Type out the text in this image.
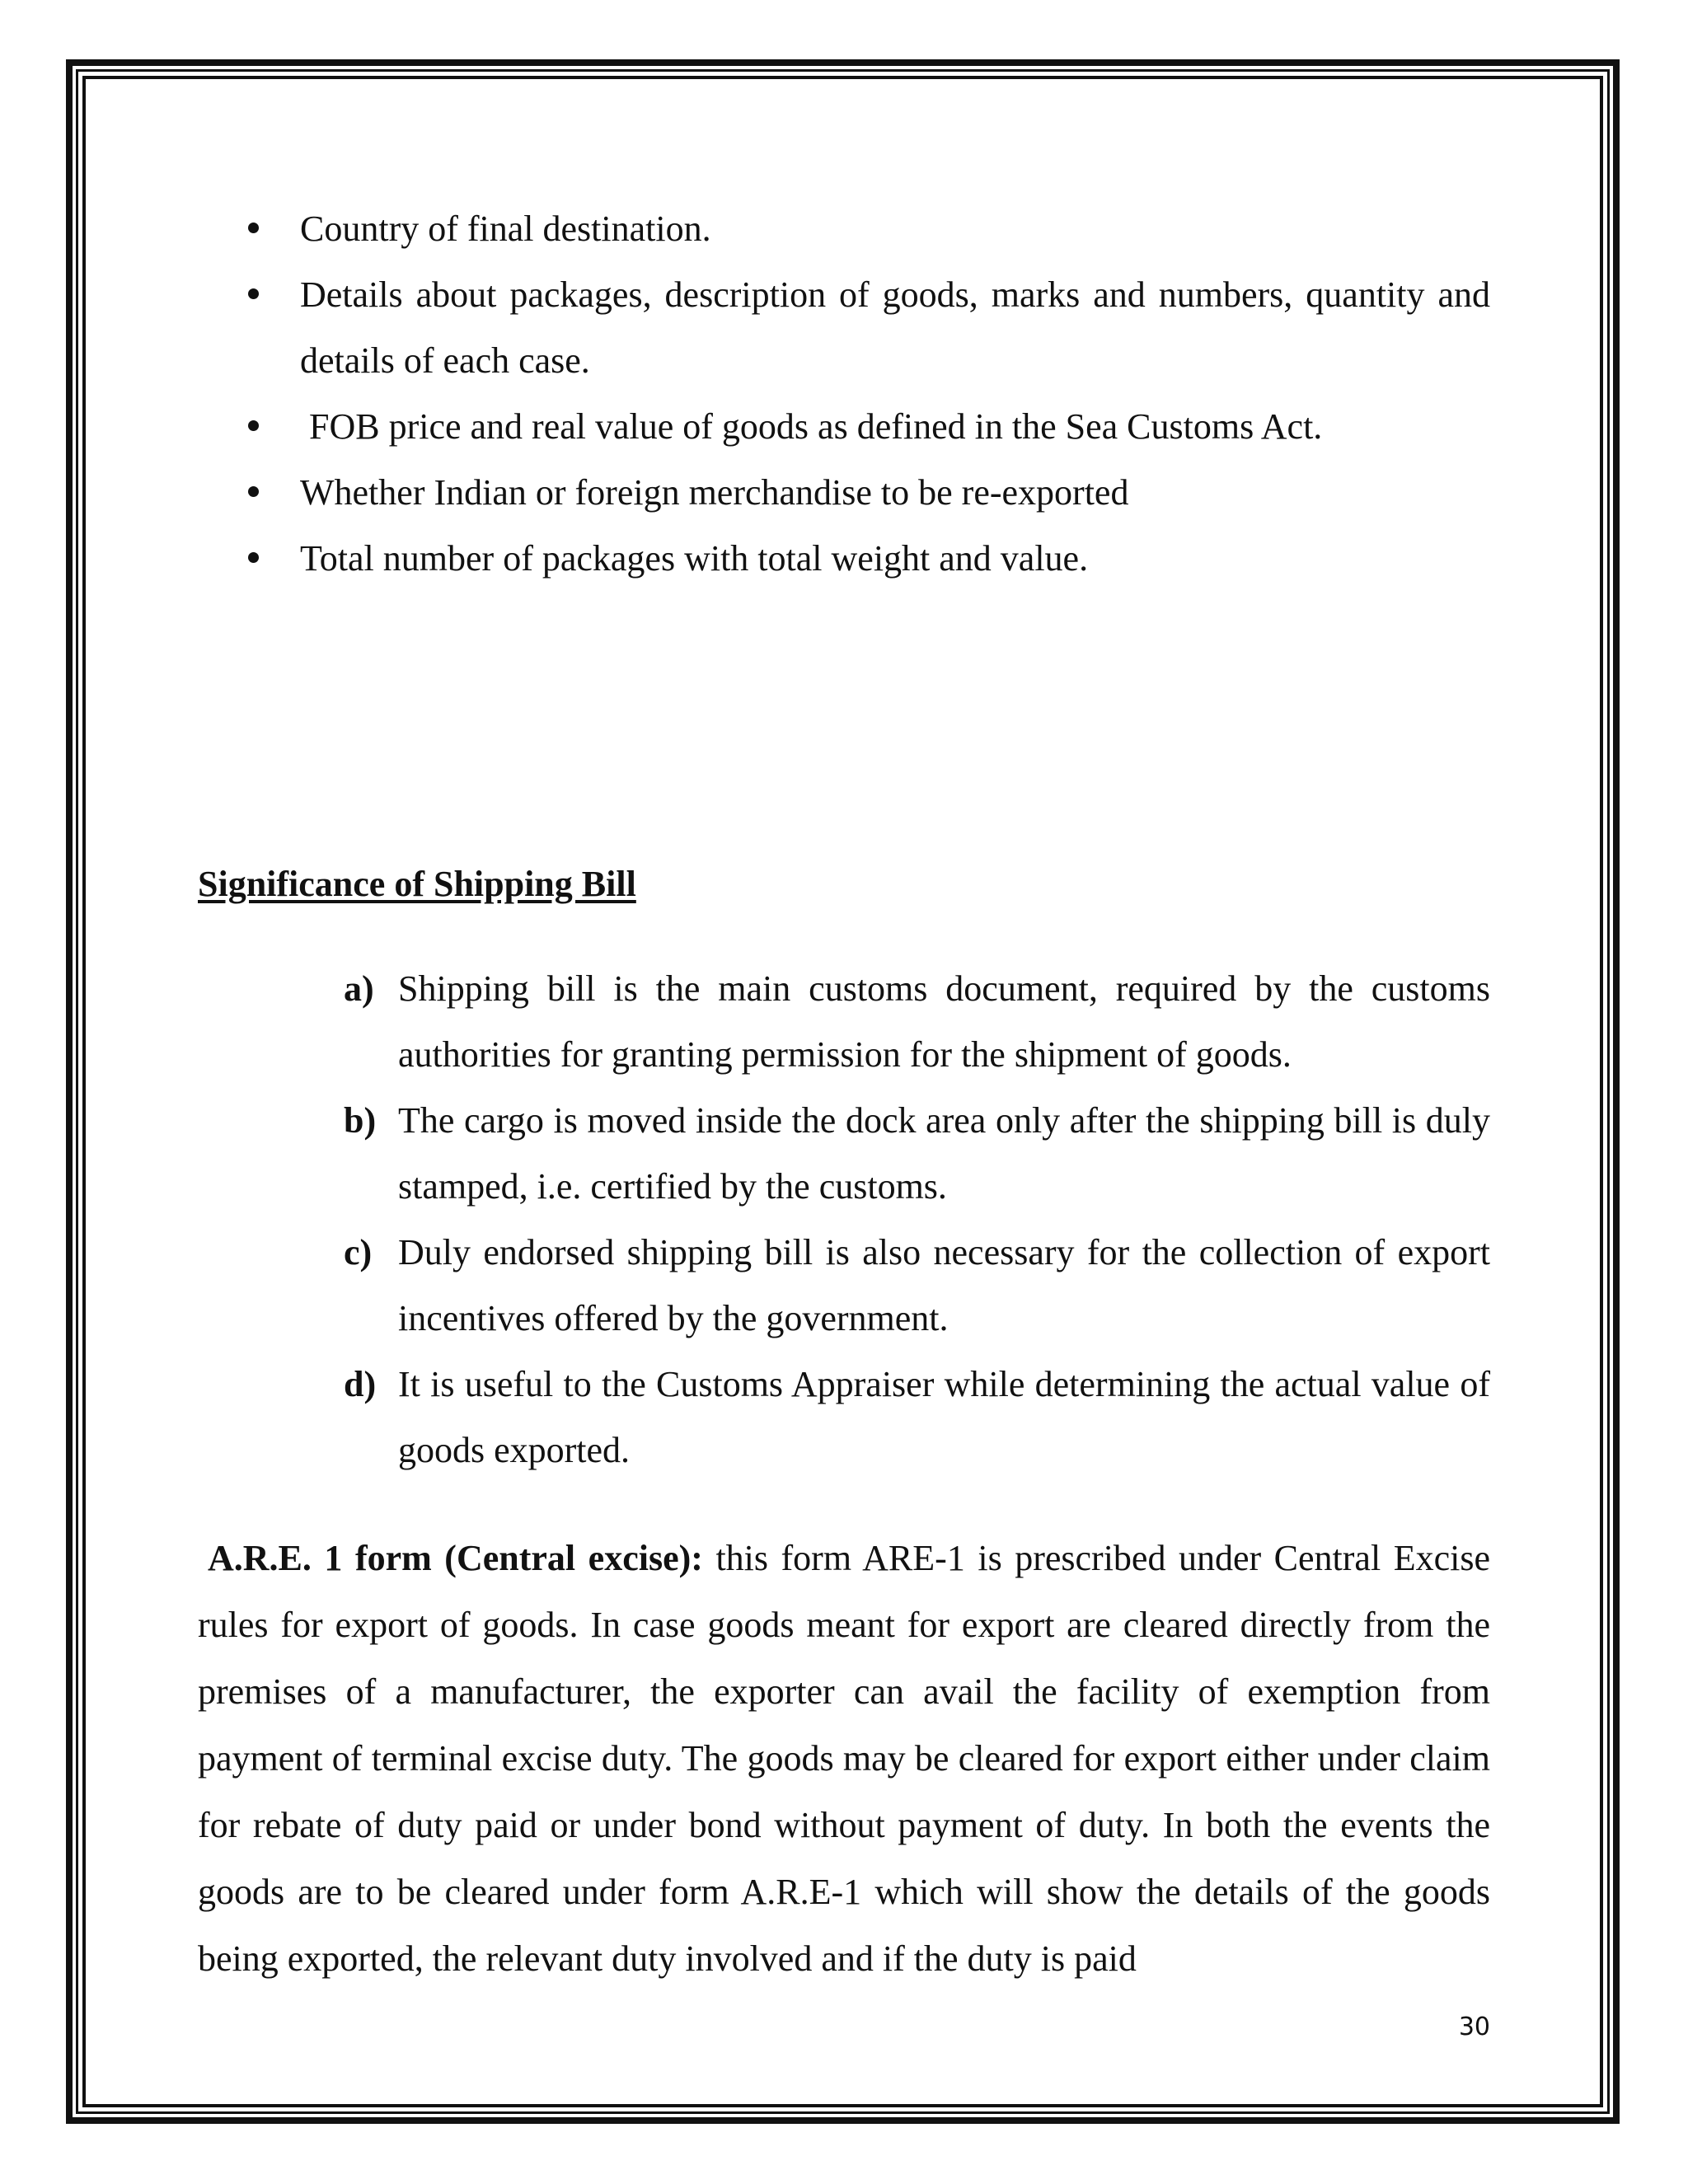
Country of final destination.
Details about packages, description of goods, marks and numbers, quantity and details of each case.
FOB price and real value of goods as defined in the Sea Customs Act.
Whether Indian or foreign merchandise to be re-exported
Total number of packages with total weight and value.
Significance of Shipping Bill
a) Shipping bill is the main customs document, required by the customs authorities for granting permission for the shipment of goods.
b) The cargo is moved inside the dock area only after the shipping bill is duly stamped, i.e. certified by the customs.
c) Duly endorsed shipping bill is also necessary for the collection of export incentives offered by the government.
d) It is useful to the Customs Appraiser while determining the actual value of goods exported.

A.R.E. 1 form (Central excise): this form ARE-1 is prescribed under Central Excise rules for export of goods. In case goods meant for export are cleared directly from the premises of a manufacturer, the exporter can avail the facility of exemption from payment of terminal excise duty. The goods may be cleared for export either under claim for rebate of duty paid or under bond without payment of duty. In both the events the goods are to be cleared under form A.R.E-1 which will show the details of the goods being exported, the relevant duty involved and if the duty is paid

30
